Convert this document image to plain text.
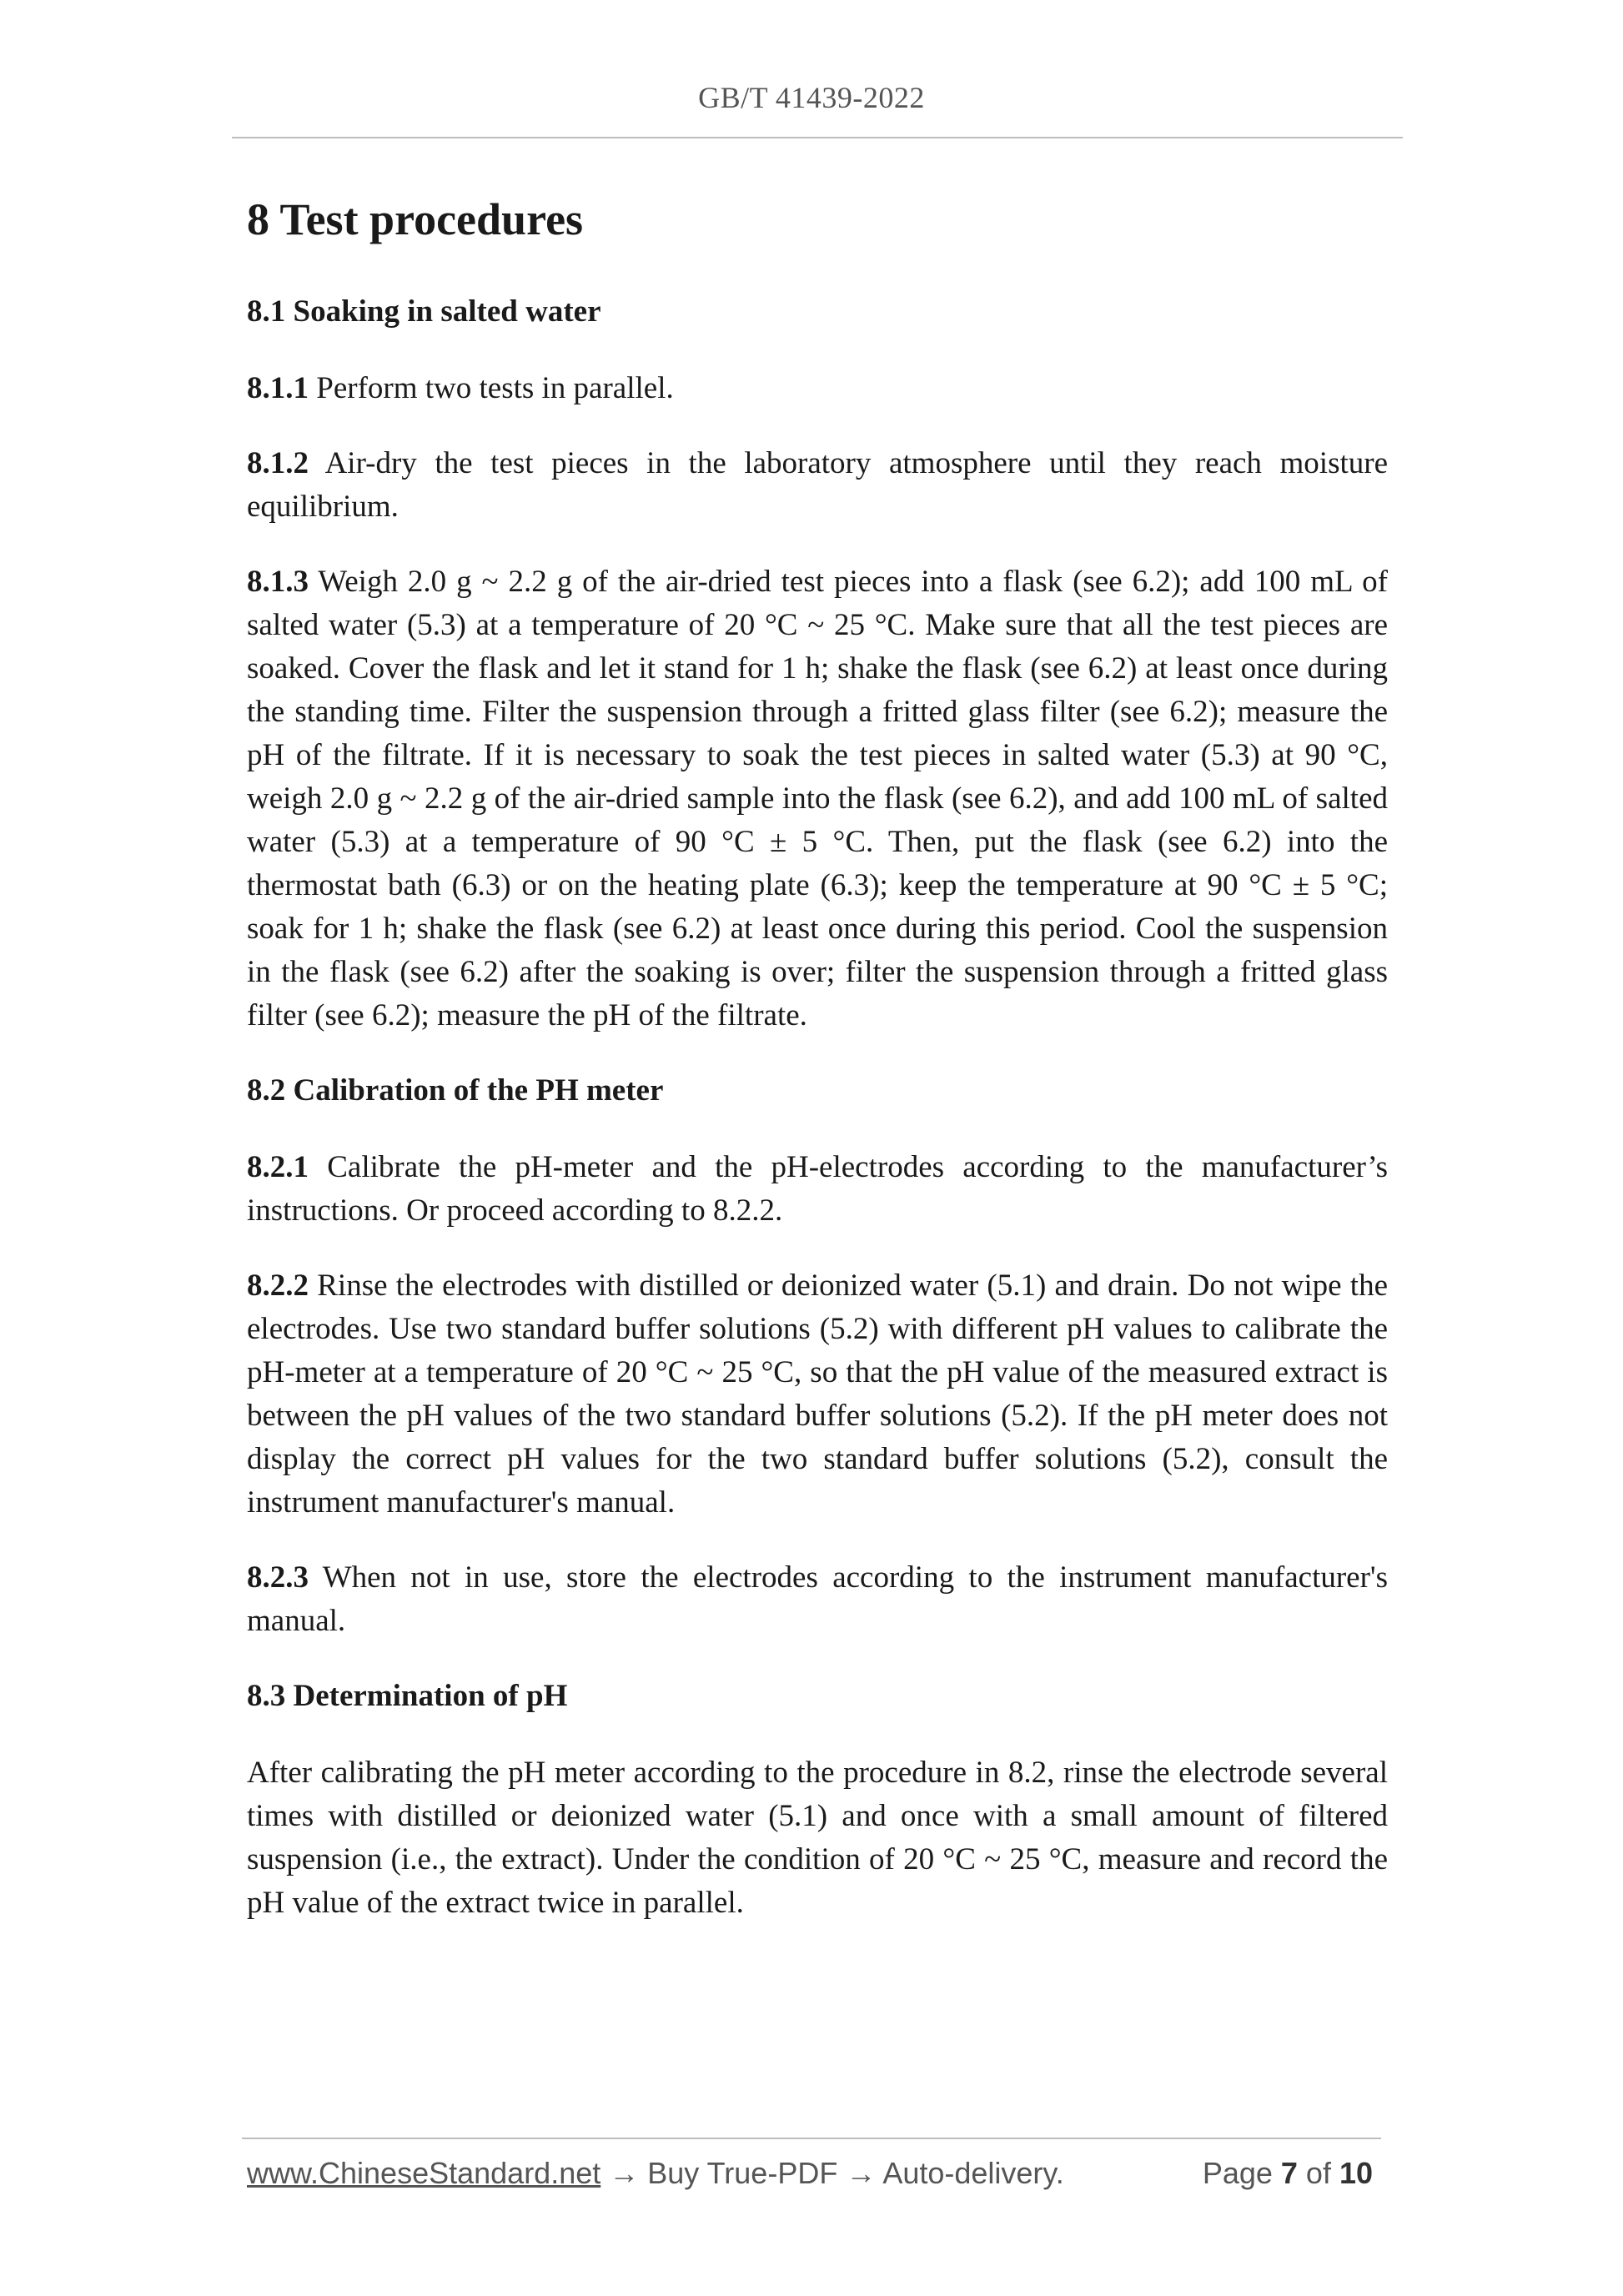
GB/T 41439-2022
8 Test procedures
8.1 Soaking in salted water

8.1.1 Perform two tests in parallel.

8.1.2 Air-dry the test pieces in the laboratory atmosphere until they reach moisture equilibrium.

8.1.3 Weigh 2.0 g ~ 2.2 g of the air-dried test pieces into a flask (see 6.2); add 100 mL of salted water (5.3) at a temperature of 20 °C ~ 25 °C. Make sure that all the test pieces are soaked. Cover the flask and let it stand for 1 h; shake the flask (see 6.2) at least once during the standing time. Filter the suspension through a fritted glass filter (see 6.2); measure the pH of the filtrate. If it is necessary to soak the test pieces in salted water (5.3) at 90 °C, weigh 2.0 g ~ 2.2 g of the air-dried sample into the flask (see 6.2), and add 100 mL of salted water (5.3) at a temperature of 90 °C ± 5 °C. Then, put the flask (see 6.2) into the thermostat bath (6.3) or on the heating plate (6.3); keep the temperature at 90 °C ± 5 °C; soak for 1 h; shake the flask (see 6.2) at least once during this period. Cool the suspension in the flask (see 6.2) after the soaking is over; filter the suspension through a fritted glass filter (see 6.2); measure the pH of the filtrate.

8.2 Calibration of the PH meter

8.2.1 Calibrate the pH-meter and the pH-electrodes according to the manufacturer’s instructions. Or proceed according to 8.2.2.

8.2.2 Rinse the electrodes with distilled or deionized water (5.1) and drain. Do not wipe the electrodes. Use two standard buffer solutions (5.2) with different pH values to calibrate the pH-meter at a temperature of 20 °C ~ 25 °C, so that the pH value of the measured extract is between the pH values of the two standard buffer solutions (5.2). If the pH meter does not display the correct pH values for the two standard buffer solutions (5.2), consult the instrument manufacturer's manual.

8.2.3 When not in use, store the electrodes according to the instrument manufacturer's manual.

8.3 Determination of pH

After calibrating the pH meter according to the procedure in 8.2, rinse the electrode several times with distilled or deionized water (5.1) and once with a small amount of filtered suspension (i.e., the extract). Under the condition of 20 °C ~ 25 °C, measure and record the pH value of the extract twice in parallel.

www.ChineseStandard.net → Buy True-PDF → Auto-delivery.	Page 7 of 10
